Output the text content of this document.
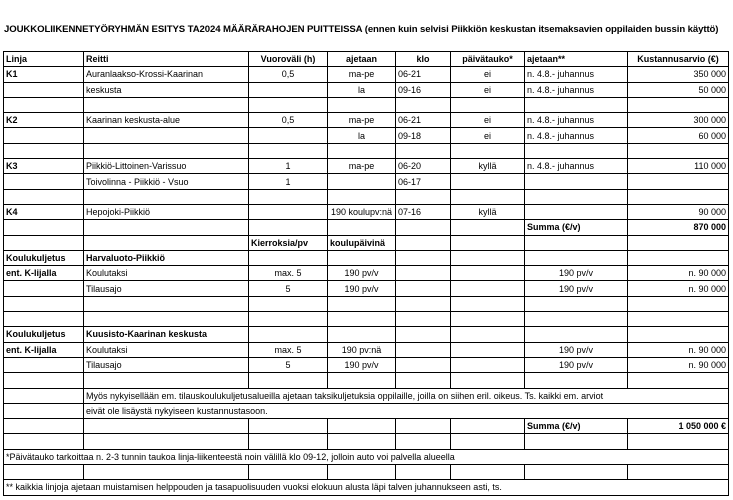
JOUKKOLIIKENNETYÖRYHMÄN ESITYS TA2024 MÄÄRÄRAHOJEN PUITTEISSA (ennen kuin selvisi Piikkiön keskustan itsemaksavien oppilaiden bussin käyttö)
Linja	Reitti	Vuoroväli (h)	ajetaan	klo	päivätauko*	ajetaan**	Kustannusarvio (€)
K1	Auranlaakso-Krossi-Kaarinan	0,5	ma-pe	06-21	ei	n. 4.8.- juhannus	350 000
	keskusta		la	09-16	ei	n. 4.8.- juhannus	50 000

K2	Kaarinan keskusta-alue	0,5	ma-pe	06-21	ei	n. 4.8.- juhannus	300 000
			la	09-18	ei	n. 4.8.- juhannus	60 000

K3	Piikkiö-Littoinen-Varissuo	1	ma-pe	06-20	kyllä	n. 4.8.- juhannus	110 000
	Toivolinna - Piikkiö - Vsuo	1		06-17			

K4	Hepojoki-Piikkiö		190 koulupv:nä	07-16	kyllä		90 000
						Summa (€/v)	870 000
		Kierroksia/pv	koulupäivinä				
Koulukuljetus	Harvaluoto-Piikkiö						
ent. K-lijalla	Koulutaksi	max. 5	190 pv/v			190 pv/v	n. 90 000
	Tilausajo	5	190 pv/v			190 pv/v	n. 90 000

Koulukuljetus	Kuusisto-Kaarinan keskusta						
ent. K-lijalla	Koulutaksi	max. 5	190 pv:nä			190 pv/v	n. 90 000
	Tilausajo	5	190 pv/v			190 pv/v	n. 90 000

	Myös nykyisellään em. tilauskoulukuljetusalueilla ajetaan taksikuljetuksia oppilaille, joilla on siihen eril. oikeus. Ts. kaikki em. arviot						
	eivät ole lisäystä nykyiseen kustannustasoon.						
						Summa (€/v)	1 050 000 €

*Päivätauko tarkoittaa n. 2-3 tunnin taukoa linja-liikenteestä noin välillä klo 09-12, jolloin auto voi palvella alueella							

** kaikkia linjoja ajetaan muistamisen helppouden ja tasapuolisuuden vuoksi elokuun alusta läpi talven juhannukseen asti, ts.							
